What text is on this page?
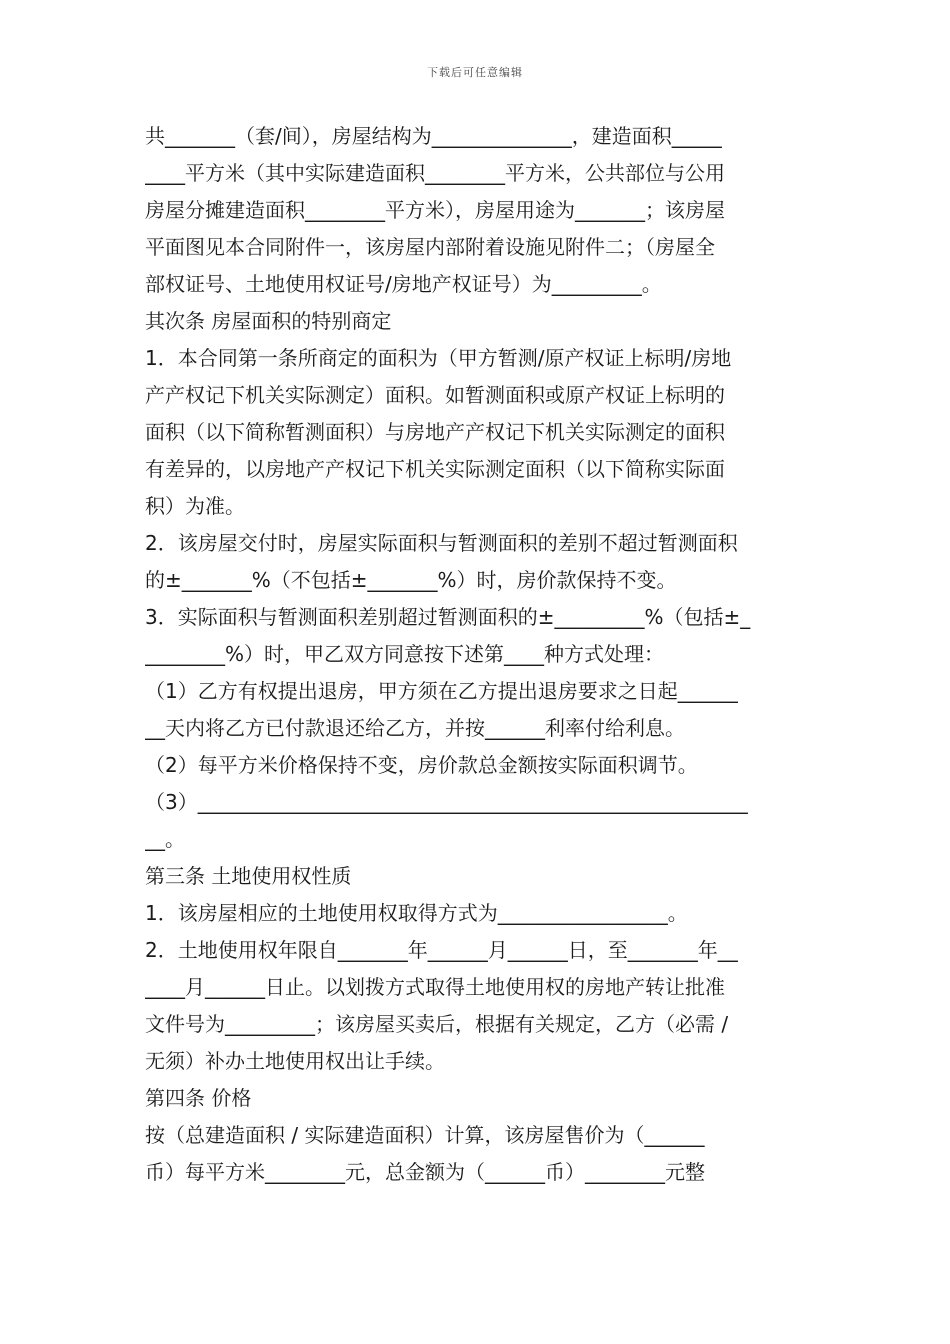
下载后可任意编辑
共_______（套/间），房屋结构为______________，建造面积_____
____平方米（其中实际建造面积________平方米，公共部位与公用
房屋分摊建造面积________平方米），房屋用途为_______；该房屋
平面图见本合同附件一，该房屋内部附着设施见附件二；（房屋全
部权证号、土地使用权证号/房地产权证号）为_________。
其次条 房屋面积的特别商定
1．本合同第一条所商定的面积为（甲方暂测/原产权证上标明/房地
产产权记下机关实际测定）面积。如暂测面积或原产权证上标明的
面积（以下简称暂测面积）与房地产产权记下机关实际测定的面积
有差异的，以房地产产权记下机关实际测定面积（以下简称实际面
积）为准。
2．该房屋交付时，房屋实际面积与暂测面积的差别不超过暂测面积
的±_______%（不包括±_______%）时，房价款保持不变。
3．实际面积与暂测面积差别超过暂测面积的±_________%（包括±_
________%）时，甲乙双方同意按下述第____种方式处理：
（1）乙方有权提出退房，甲方须在乙方提出退房要求之日起______
__天内将乙方已付款退还给乙方，并按______利率付给利息。
（2）每平方米价格保持不变，房价款总金额按实际面积调节。
（3）_______________________________________________________
__。
第三条 土地使用权性质
1．该房屋相应的土地使用权取得方式为_________________。
2．土地使用权年限自_______年______月______日，至_______年__
____月______日止。以划拨方式取得土地使用权的房地产转让批准
文件号为_________；该房屋买卖后，根据有关规定，乙方（必需 /
无须）补办土地使用权出让手续。
第四条 价格
按（总建造面积 / 实际建造面积）计算，该房屋售价为（______
币）每平方米________元，总金额为（______币）________元整
